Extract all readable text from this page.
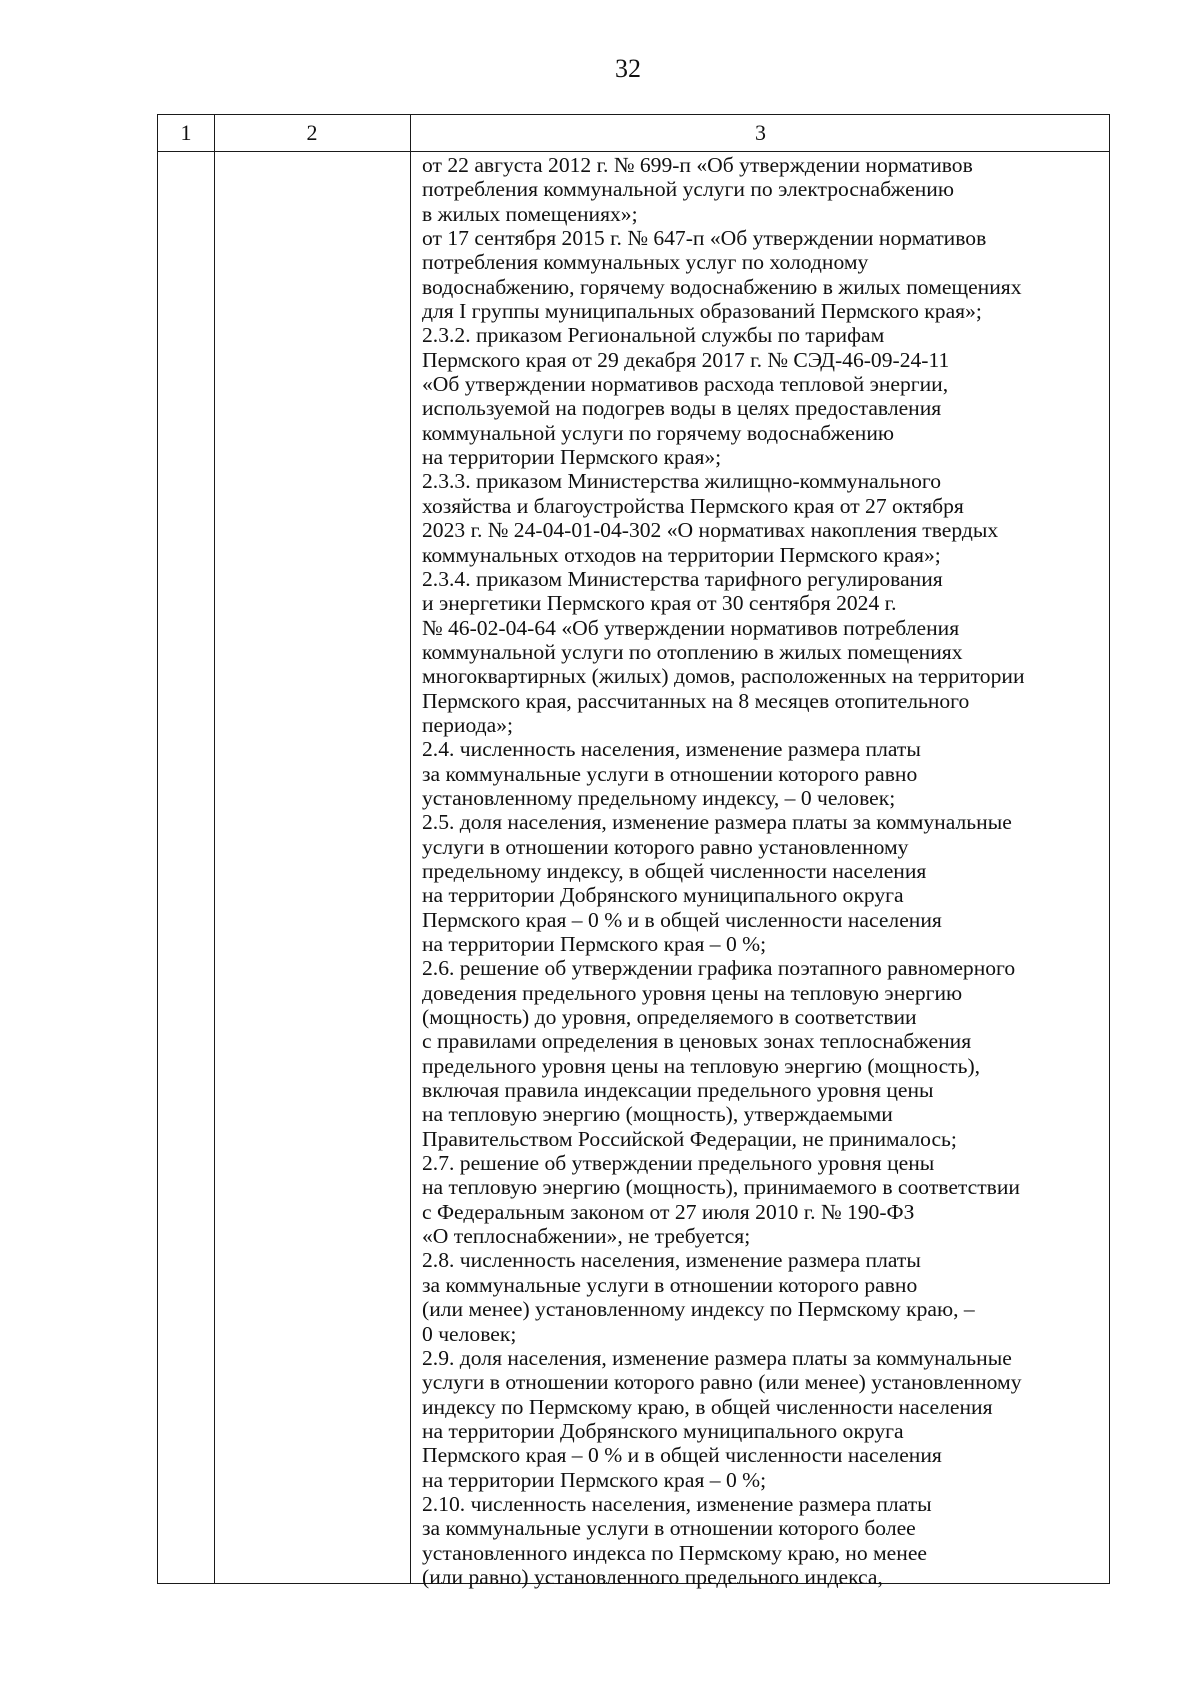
32
1	2	3
от 22 августа 2012 г. № 699-п «Об утверждении нормативов
потребления коммунальной услуги по электроснабжению
в жилых помещениях»;
от 17 сентября 2015 г. № 647-п «Об утверждении нормативов
потребления коммунальных услуг по холодному
водоснабжению, горячему водоснабжению в жилых помещениях
для I группы муниципальных образований Пермского края»;
2.3.2. приказом Региональной службы по тарифам
Пермского края от 29 декабря 2017 г. № СЭД-46-09-24-11
«Об утверждении нормативов расхода тепловой энергии,
используемой на подогрев воды в целях предоставления
коммунальной услуги по горячему водоснабжению
на территории Пермского края»;
2.3.3. приказом Министерства жилищно-коммунального
хозяйства и благоустройства Пермского края от 27 октября
2023 г. № 24-04-01-04-302 «О нормативах накопления твердых
коммунальных отходов на территории Пермского края»;
2.3.4. приказом Министерства тарифного регулирования
и энергетики Пермского края от 30 сентября 2024 г.
№ 46-02-04-64 «Об утверждении нормативов потребления
коммунальной услуги по отоплению в жилых помещениях
многоквартирных (жилых) домов, расположенных на территории
Пермского края, рассчитанных на 8 месяцев отопительного
периода»;
2.4. численность населения, изменение размера платы
за коммунальные услуги в отношении которого равно
установленному предельному индексу, – 0 человек;
2.5. доля населения, изменение размера платы за коммунальные
услуги в отношении которого равно установленному
предельному индексу, в общей численности населения
на территории Добрянского муниципального округа
Пермского края – 0 % и в общей численности населения
на территории Пермского края – 0 %;
2.6. решение об утверждении графика поэтапного равномерного
доведения предельного уровня цены на тепловую энергию
(мощность) до уровня, определяемого в соответствии
с правилами определения в ценовых зонах теплоснабжения
предельного уровня цены на тепловую энергию (мощность),
включая правила индексации предельного уровня цены
на тепловую энергию (мощность), утверждаемыми
Правительством Российской Федерации, не принималось;
2.7. решение об утверждении предельного уровня цены
на тепловую энергию (мощность), принимаемого в соответствии
с Федеральным законом от 27 июля 2010 г. № 190-ФЗ
«О теплоснабжении», не требуется;
2.8. численность населения, изменение размера платы
за коммунальные услуги в отношении которого равно
(или менее) установленному индексу по Пермскому краю, –
0 человек;
2.9. доля населения, изменение размера платы за коммунальные
услуги в отношении которого равно (или менее) установленному
индексу по Пермскому краю, в общей численности населения
на территории Добрянского муниципального округа
Пермского края – 0 % и в общей численности населения
на территории Пермского края – 0 %;
2.10. численность населения, изменение размера платы
за коммунальные услуги в отношении которого более
установленного индекса по Пермскому краю, но менее
(или равно) установленного предельного индекса,
